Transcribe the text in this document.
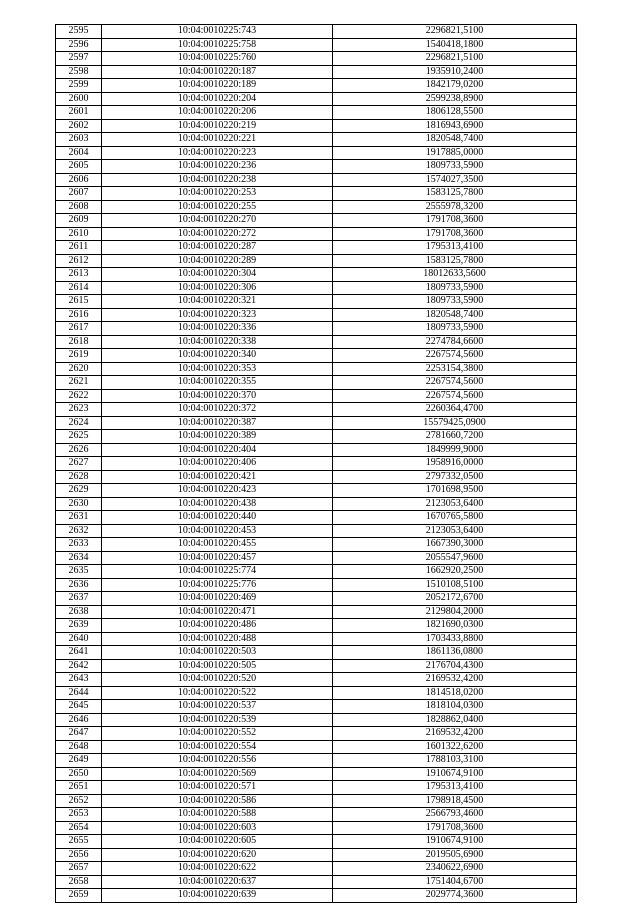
2595	10:04:0010225:743	2296821,5100
2596	10:04:0010225:758	1540418,1800
2597	10:04:0010225:760	2296821,5100
2598	10:04:0010220:187	1935910,2400
2599	10:04:0010220:189	1842179,0200
2600	10:04:0010220:204	2599238,8900
2601	10:04:0010220:206	1806128,5500
2602	10:04:0010220:219	1816943,6900
2603	10:04:0010220:221	1820548,7400
2604	10:04:0010220:223	1917885,0000
2605	10:04:0010220:236	1809733,5900
2606	10:04:0010220:238	1574027,3500
2607	10:04:0010220:253	1583125,7800
2608	10:04:0010220:255	2555978,3200
2609	10:04:0010220:270	1791708,3600
2610	10:04:0010220:272	1791708,3600
2611	10:04:0010220:287	1795313,4100
2612	10:04:0010220:289	1583125,7800
2613	10:04:0010220:304	18012633,5600
2614	10:04:0010220:306	1809733,5900
2615	10:04:0010220:321	1809733,5900
2616	10:04:0010220:323	1820548,7400
2617	10:04:0010220:336	1809733,5900
2618	10:04:0010220:338	2274784,6600
2619	10:04:0010220:340	2267574,5600
2620	10:04:0010220:353	2253154,3800
2621	10:04:0010220:355	2267574,5600
2622	10:04:0010220:370	2267574,5600
2623	10:04:0010220:372	2260364,4700
2624	10:04:0010220:387	15579425,0900
2625	10:04:0010220:389	2781660,7200
2626	10:04:0010220:404	1849999,9000
2627	10:04:0010220:406	1958916,0000
2628	10:04:0010220:421	2797332,0500
2629	10:04:0010220:423	1701698,9500
2630	10:04:0010220:438	2123053,6400
2631	10:04:0010220:440	1670765,5800
2632	10:04:0010220:453	2123053,6400
2633	10:04:0010220:455	1667390,3000
2634	10:04:0010220:457	2055547,9600
2635	10:04:0010225:774	1662920,2500
2636	10:04:0010225:776	1510108,5100
2637	10:04:0010220:469	2052172,6700
2638	10:04:0010220:471	2129804,2000
2639	10:04:0010220:486	1821690,0300
2640	10:04:0010220:488	1703433,8800
2641	10:04:0010220:503	1861136,0800
2642	10:04:0010220:505	2176704,4300
2643	10:04:0010220:520	2169532,4200
2644	10:04:0010220:522	1814518,0200
2645	10:04:0010220:537	1818104,0300
2646	10:04:0010220:539	1828862,0400
2647	10:04:0010220:552	2169532,4200
2648	10:04:0010220:554	1601322,6200
2649	10:04:0010220:556	1788103,3100
2650	10:04:0010220:569	1910674,9100
2651	10:04:0010220:571	1795313,4100
2652	10:04:0010220:586	1798918,4500
2653	10:04:0010220:588	2566793,4600
2654	10:04:0010220:603	1791708,3600
2655	10:04:0010220:605	1910674,9100
2656	10:04:0010220:620	2019505,6900
2657	10:04:0010220:622	2340622,6900
2658	10:04:0010220:637	1751404,6700
2659	10:04:0010220:639	2029774,3600
